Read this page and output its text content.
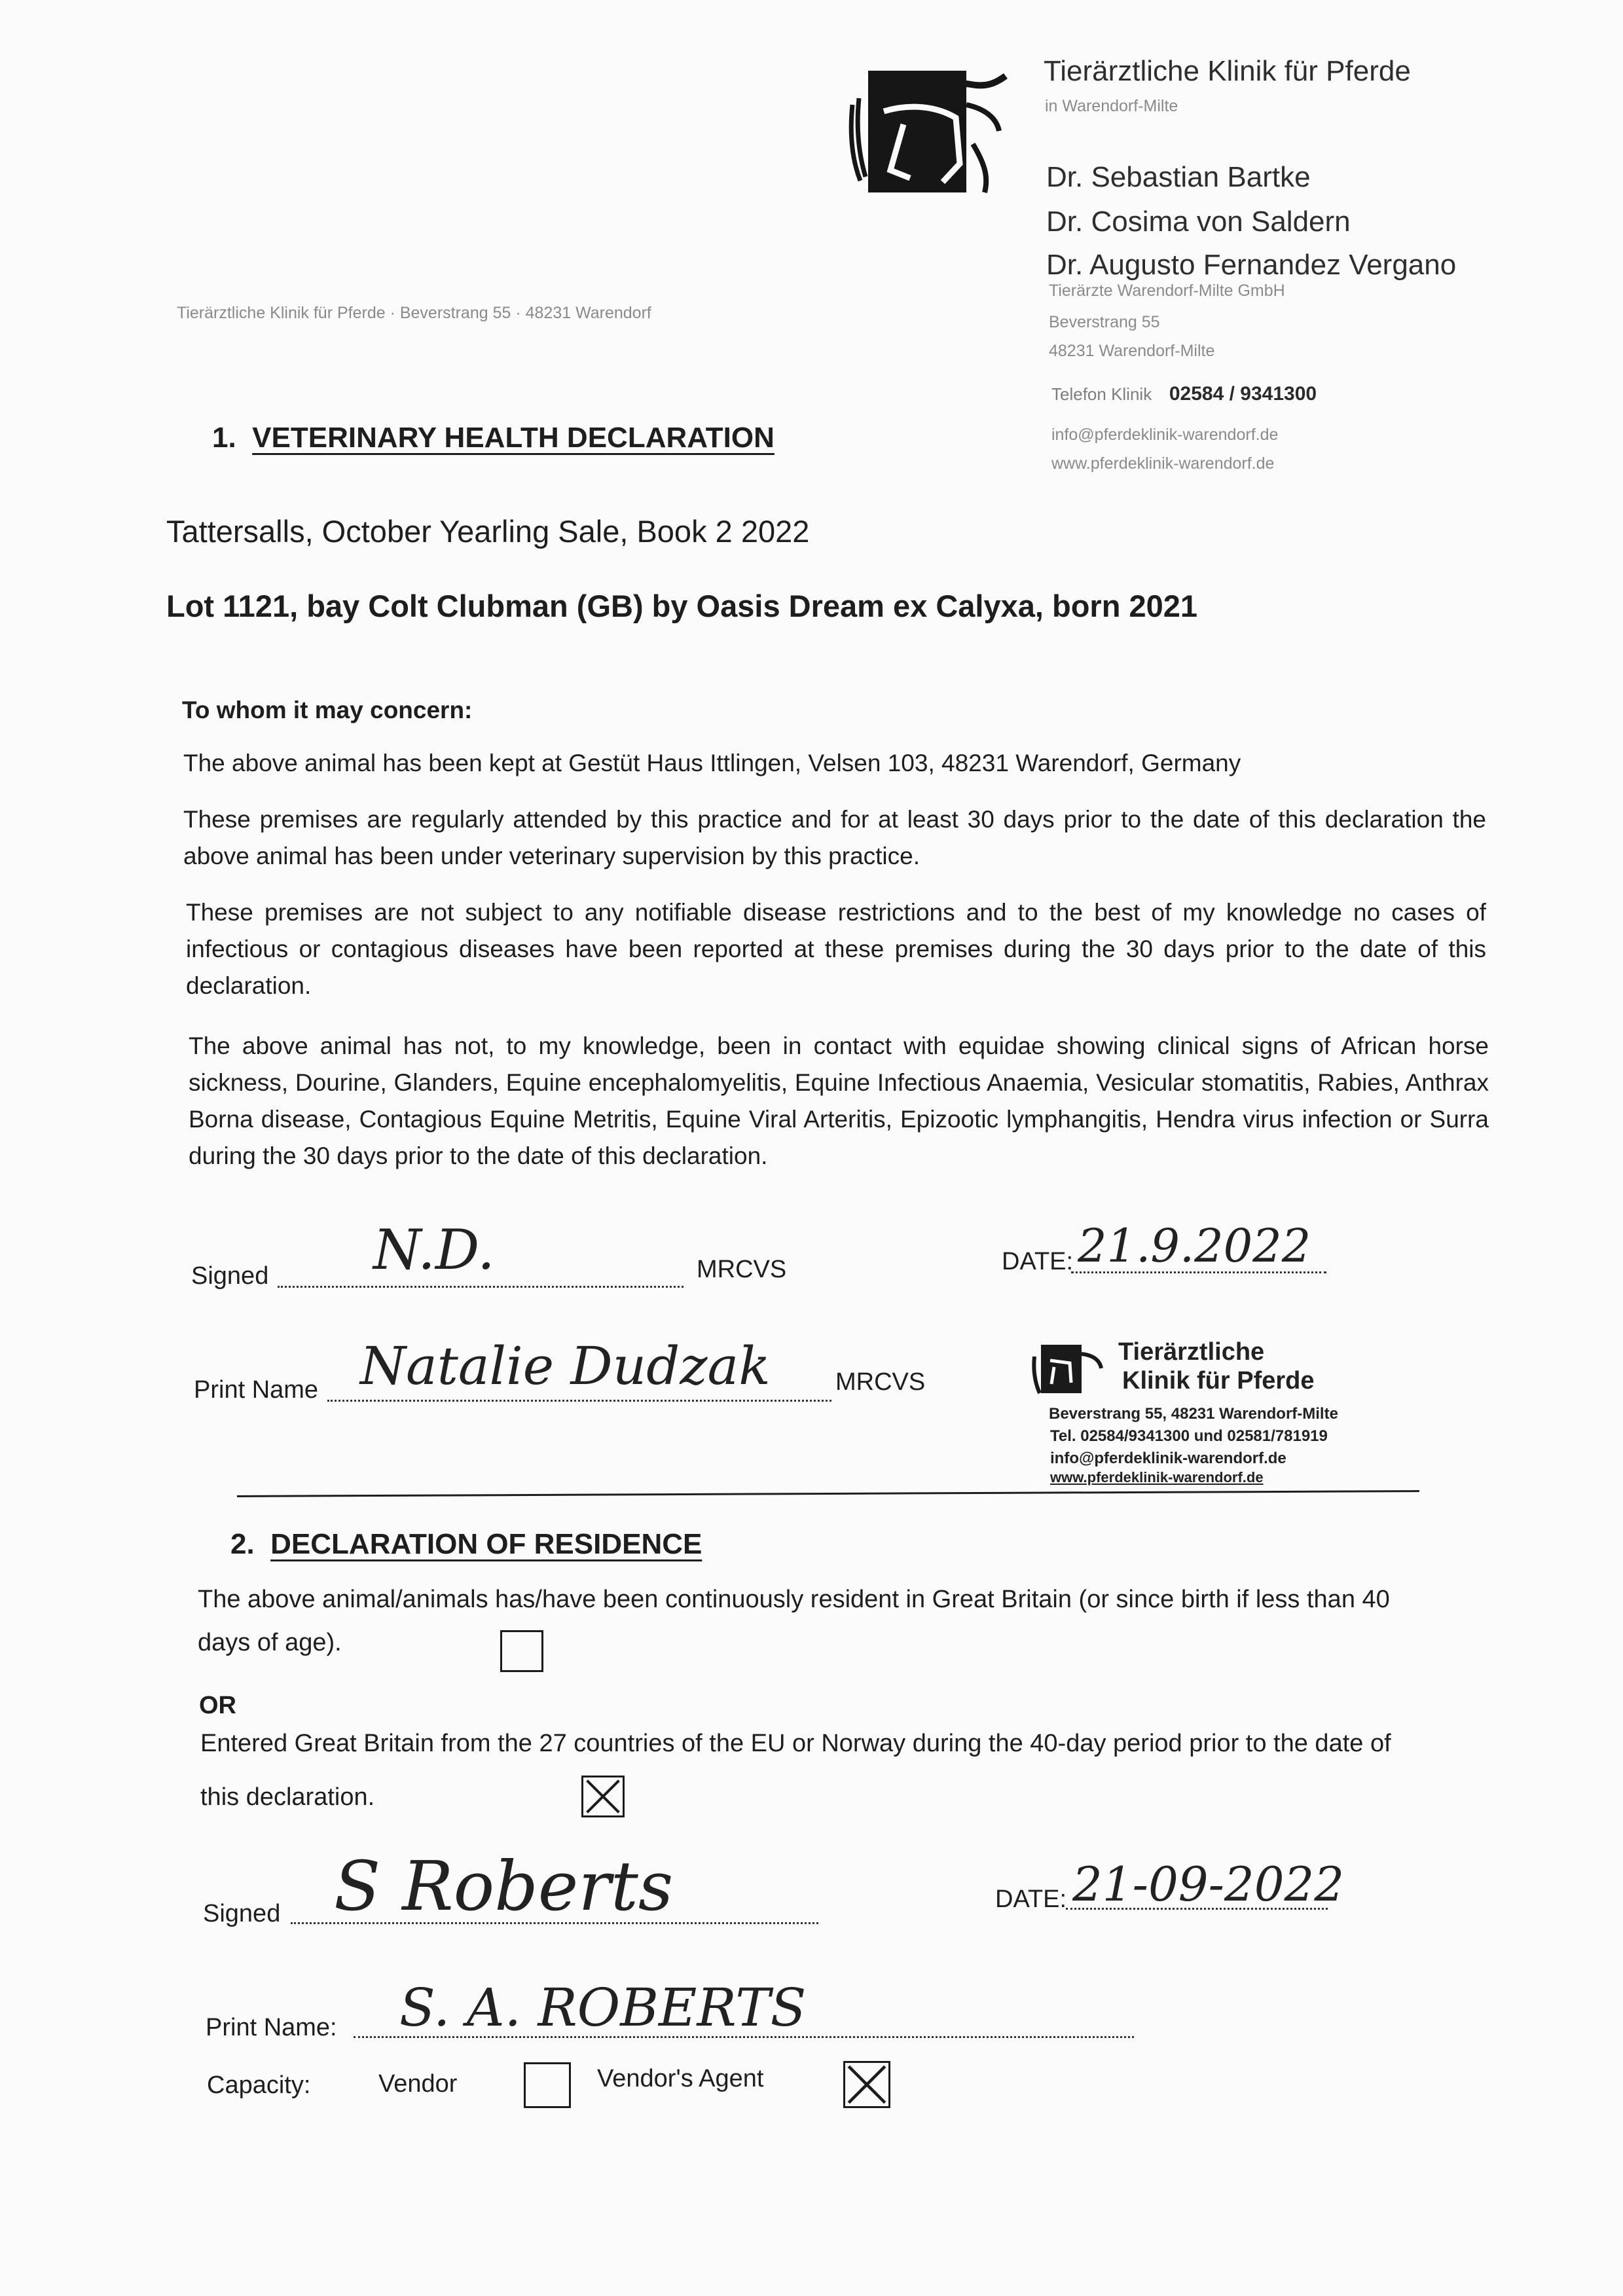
Tierärztliche Klinik für Pferde
in Warendorf-Milte
Dr. Sebastian Bartke
Dr. Cosima von Saldern
Dr. Augusto Fernandez Vergano
Tierärzte Warendorf-Milte GmbH
Beverstrang 55
48231 Warendorf-Milte
Telefon Klinik 02584 / 9341300
info@pferdeklinik-warendorf.de
www.pferdeklinik-warendorf.de
Tierärztliche Klinik für Pferde · Beverstrang 55 · 48231 Warendorf
1. VETERINARY HEALTH DECLARATION
Tattersalls, October Yearling Sale, Book 2 2022
Lot 1121, bay Colt Clubman (GB) by Oasis Dream ex Calyxa, born 2021
To whom it may concern:
The above animal has been kept at Gestüt Haus Ittlingen, Velsen 103, 48231 Warendorf, Germany
These premises are regularly attended by this practice and for at least 30 days prior to the date of this declaration the above animal has been under veterinary supervision by this practice.
These premises are not subject to any notifiable disease restrictions and to the best of my knowledge no cases of infectious or contagious diseases have been reported at these premises during the 30 days prior to the date of this declaration.
The above animal has not, to my knowledge, been in contact with equidae showing clinical signs of African horse sickness, Dourine, Glanders, Equine encephalomyelitis, Equine Infectious Anaemia, Vesicular stomatitis, Rabies, Anthrax Borna disease, Contagious Equine Metritis, Equine Viral Arteritis, Epizootic lymphangitis, Hendra virus infection or Surra during the 30 days prior to the date of this declaration.
Signed N.D.	MRCVS	DATE: 21.9.2022
Print Name Natalie Dudzak	MRCVS
Tierärztliche
Klinik für Pferde
Beverstrang 55, 48231 Warendorf-Milte
Tel. 02584/9341300 und 02581/781919
info@pferdeklinik-warendorf.de
www.pferdeklinik-warendorf.de
2. DECLARATION OF RESIDENCE
The above animal/animals has/have been continuously resident in Great Britain (or since birth if less than 40
days of age).
OR
Entered Great Britain from the 27 countries of the EU or Norway during the 40-day period prior to the date of
this declaration.
Signed S Roberts	DATE: 21-09-2022
Print Name: S. A. ROBERTS
Capacity:	Vendor	Vendor's Agent
